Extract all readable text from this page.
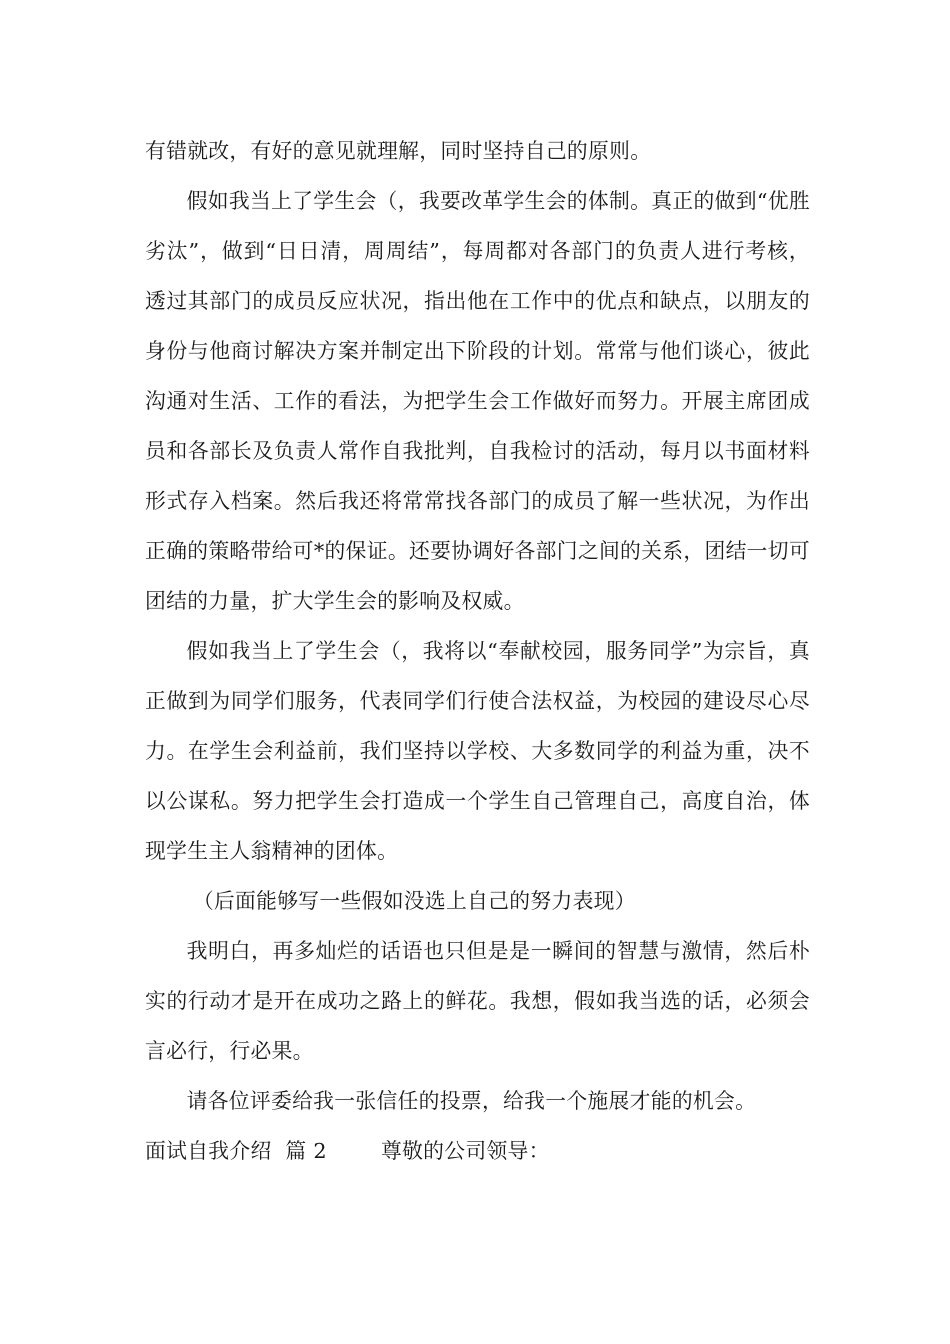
有错就改，有好的意见就理解，同时坚持自己的原则。

假如我当上了学生会（，我要改革学生会的体制。真正的做到“优胜劣汰”，做到“日日清，周周结”，每周都对各部门的负责人进行考核，透过其部门的成员反应状况，指出他在工作中的优点和缺点，以朋友的身份与他商讨解决方案并制定出下阶段的计划。常常与他们谈心，彼此沟通对生活、工作的看法，为把学生会工作做好而努力。开展主席团成员和各部长及负责人常作自我批判，自我检讨的活动，每月以书面材料形式存入档案。然后我还将常常找各部门的成员了解一些状况，为作出正确的策略带给可*的保证。还要协调好各部门之间的关系，团结一切可团结的力量，扩大学生会的影响及权威。

假如我当上了学生会（，我将以“奉献校园，服务同学”为宗旨，真正做到为同学们服务，代表同学们行使合法权益，为校园的建设尽心尽力。在学生会利益前，我们坚持以学校、大多数同学的利益为重，决不以公谋私。努力把学生会打造成一个学生自己管理自己，高度自治，体现学生主人翁精神的团体。

（后面能够写一些假如没选上自己的努力表现）

我明白，再多灿烂的话语也只但是是一瞬间的智慧与激情，然后朴实的行动才是开在成功之路上的鲜花。我想，假如我当选的话，必须会言必行，行必果。

请各位评委给我一张信任的投票，给我一个施展才能的机会。

面试自我介绍 篇 2	尊敬的公司领导：
